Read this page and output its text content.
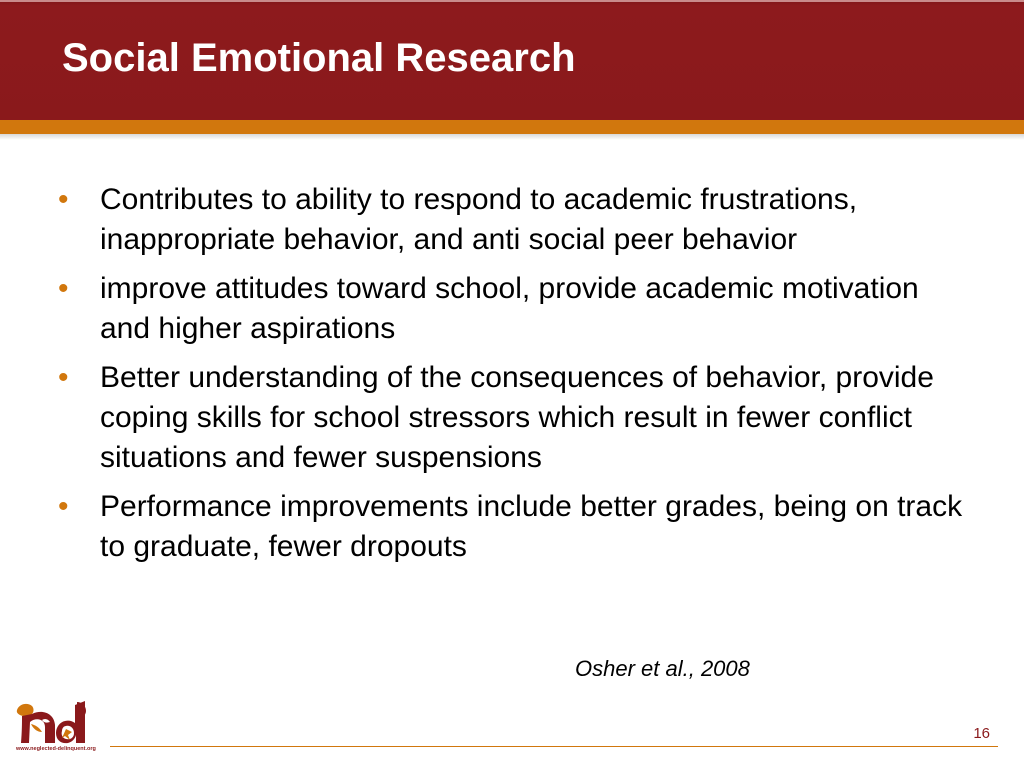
Social Emotional Research
• Contributes to ability to respond to academic frustrations, inappropriate behavior, and anti social peer behavior
• improve attitudes toward school, provide academic motivation and higher aspirations
• Better understanding of the consequences of behavior, provide coping skills for school stressors which result in fewer conflict situations and fewer suspensions
• Performance improvements include better grades, being on track to graduate, fewer dropouts
Osher et al., 2008
www.neglected-delinquent.org
16
